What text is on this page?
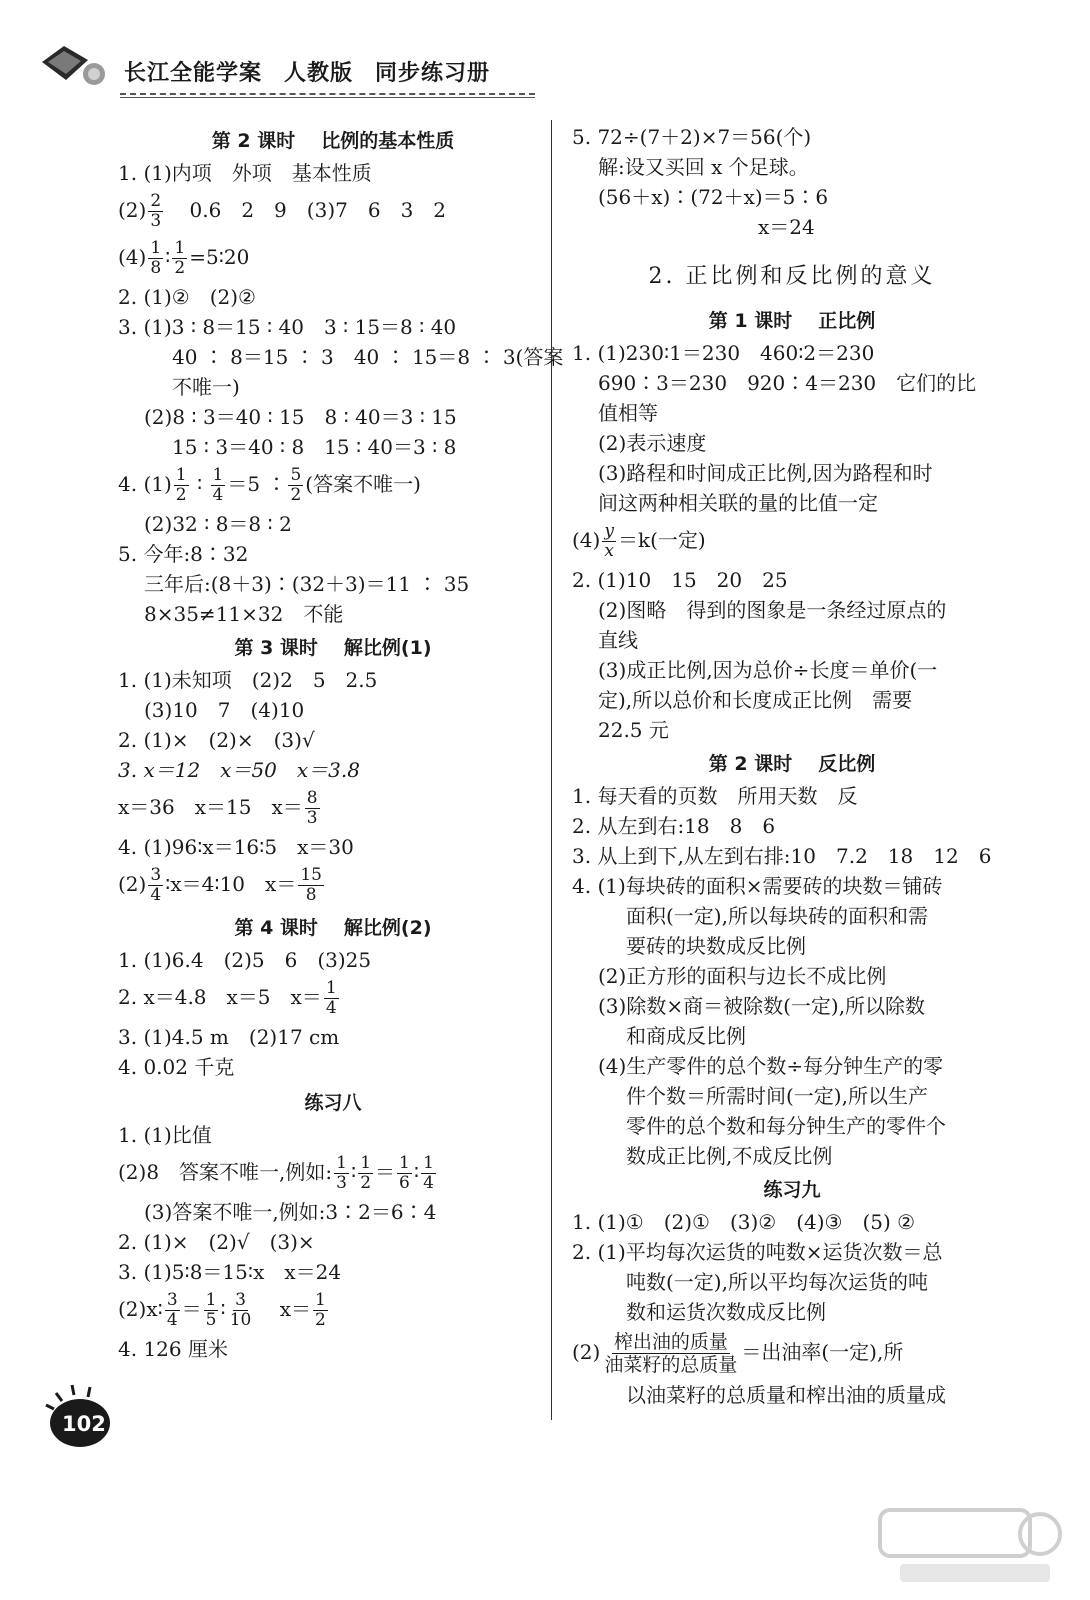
长江全能学案 人教版 同步练习册
第 2 课时 比例的基本性质
1. (1)内项　外项　基本性质
$(2) \frac{2}{3} 0.6$　2　9　(3)7　6　3　2
$(4) \frac{1}{8}$ ∶ $\frac{1}{2}$ =5∶20
2. (1)②　(2)②
3. (1)3 ∶ 8＝15 ∶ 40　3 ∶ 15＝8 ∶ 40
40 ∶ 8＝15 ∶ 3　40 ∶ 15＝8 ∶ 3(答案
不唯一)
(2)8 ∶ 3＝40 ∶ 15　8 ∶ 40＝3 ∶ 15
15 ∶ 3＝40 ∶ 8　15 ∶ 40＝3 ∶ 8
4. $(1) \frac{1}{2}$ ∶ $\frac{1}{4} =5$ ∶ $\frac{5}{2}$ (答案不唯一)
(2)32 ∶ 8＝8 ∶ 2
5. 今年:8∶32
三年后:(8＋3)∶(32＋3)＝11 ∶ 35
8×35≠11×32　不能
第 3 课时 解比例(1)
1. (1)未知项　(2)2　5　2.5
(3)10　7　(4)10
2. (1)×　(2)×　(3)√
3. x＝12　x＝50　x＝3.8
x＝36　x＝15　$x= \frac{8}{3}$
4. (1)96∶x＝16∶5　x＝30
$(2) \frac{3}{4}$ ∶x＝4∶10　$x= \frac{15}{8}$
第 4 课时 解比例(2)
1. (1)6.4　(2)5　6　(3)25
2. x＝4.8　x＝5　$x= \frac{1}{4}$
3. (1)4.5 m　(2)17 cm
4. 0.02 千克
练习八
1. (1)比值
(2)8　答案不唯一,例如: $\frac{1}{3}$ ∶ $\frac{1}{2} = \frac{1}{6}$ ∶ $\frac{1}{4}$
(3)答案不唯一,例如:3∶2＝6∶4
2. (1)×　(2)√　(3)×
3. (1)5∶8＝15∶x　x＝24
(2)x∶ $\frac{3}{4} = \frac{1}{5}$ ∶ $\frac{3}{10} x= \frac{1}{2}$
4. 126 厘米
5. 72÷(7＋2)×7＝56(个)
解:设又买回 x 个足球。
(56＋x)∶(72＋x)＝5∶6
x＝24
2. 正比例和反比例的意义
第 1 课时 正比例
1. (1)230∶1＝230　460∶2＝230
690∶3＝230　920∶4＝230　它们的比
值相等
(2)表示速度
(3)路程和时间成正比例,因为路程和时
间这两种相关联的量的比值一定
$(4) \frac{y}{x} =k$(一定)
2. (1)10　15　20　25
(2)图略　得到的图象是一条经过原点的
直线
(3)成正比例,因为总价÷长度＝单价(一
定),所以总价和长度成正比例　需要
22.5 元
第 2 课时 反比例
1. 每天看的页数　所用天数　反
2. 从左到右:18　8　6
3. 从上到下,从左到右排:10　7.2　18　12　6
4. (1)每块砖的面积×需要砖的块数＝铺砖
面积(一定),所以每块砖的面积和需
要砖的块数成反比例
(2)正方形的面积与边长不成比例
(3)除数×商＝被除数(一定),所以除数
和商成反比例
(4)生产零件的总个数÷每分钟生产的零
件个数＝所需时间(一定),所以生产
零件的总个数和每分钟生产的零件个
数成正比例,不成反比例
练习九
1. (1)①　(2)①　(3)②　(4)③　(5) ②
2. (1)平均每次运货的吨数×运货次数＝总
吨数(一定),所以平均每次运货的吨
数和运货次数成反比例
$(2) \frac{\text{榨出油的质量}}{\text{油菜籽的总质量}}$ ＝出油率(一定),所
以油菜籽的总质量和榨出油的质量成
102
